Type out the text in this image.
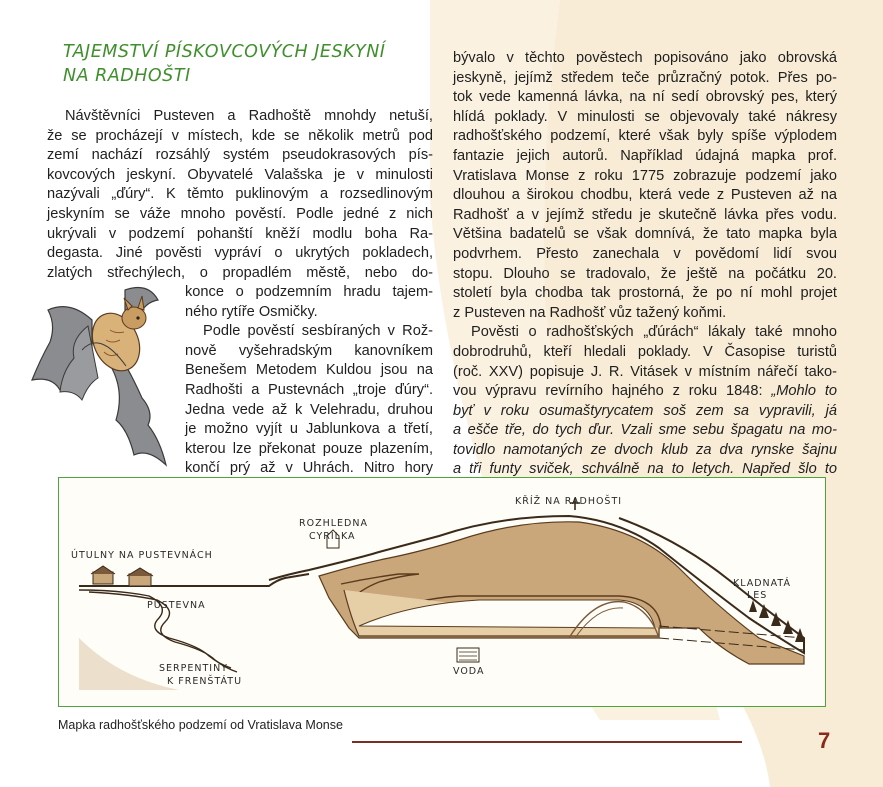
TAJEMSTVÍ PÍSKOVCOVÝCH JESKYNÍ
NA RADHOŠTI
Návštěvníci Pusteven a Radhoště mnohdy netuší,
že se procházejí v místech, kde se několik metrů pod
zemí nachází rozsáhlý systém pseudokrasových pís-
kovcových jeskyní. Obyvatelé Valašska je v minulosti
nazývali „ďúry“. K těmto puklinovým a rozsedlinovým
jeskyním se váže mnoho pověstí. Podle jedné z nich
ukrývali v podzemí pohanští kněží modlu boha Ra-
degasta. Jiné pověsti vypráví o ukrytých pokladech,
zlatých střechýlech, o propadlém městě, nebo do-
konce o podzemním hradu tajem-
ného rytíře Osmičky.
Podle pověstí sesbíraných v Rož-
nově vyšehradským kanovníkem
Benešem Metodem Kuldou jsou na
Radhošti a Pustevnách „troje ďúry“.
Jedna vede až k Velehradu, druhou
je možno vyjít u Jablunkova a třetí,
kterou lze překonat pouze plazením,
končí prý až v Uhrách. Nitro hory
bývalo v těchto pověstech popisováno jako obrovská
jeskyně, jejímž středem teče průzračný potok. Přes po-
tok vede kamenná lávka, na ní sedí obrovský pes, který
hlídá poklady. V minulosti se objevovaly také nákresy
radhošťského podzemí, které však byly spíše výplodem
fantazie jejich autorů. Například údajná mapka prof.
Vratislava Monse z roku 1775 zobrazuje podzemí jako
dlouhou a širokou chodbu, která vede z Pusteven až na
Radhošť a v jejímž středu je skutečně lávka přes vodu.
Většina badatelů se však domnívá, že tato mapka byla
podvrhem. Přesto zanechala v povědomí lidí svou
stopu. Dlouho se tradovalo, že ještě na počátku 20.
století byla chodba tak prostorná, že po ní mohl projet
z Pusteven na Radhošť vůz tažený koňmi.
Pověsti o radhošťských „ďúrách“ lákaly také mnoho
dobrodruhů, kteří hledali poklady. V Časopise turistů
(roč. XXV) popisuje J. R. Vitásek v místním nářečí tako-
vou výpravu revírního hajného z roku 1848: „Mohlo to
byť v roku osumaštyrycatem soš zem sa vypravili, já
a ešče tře, do tych ďur. Vzali sme sebu špagatu na mo-
tovidlo namotaných ze dvoch klub za dva rynske šajnu
a tři funty sviček, schválně na to letych. Napřed šlo to
ÚTULNY NA PUSTEVNÁCH
PUSTEVNA
ROZHLEDNA
CYRILKA
KŘÍŽ NA RADHOŠTI
KLADNATÁ
LES
SERPENTINY
K FRENŠTÁTU
VODA
Mapka radhošťského podzemí od Vratislava Monse
7
